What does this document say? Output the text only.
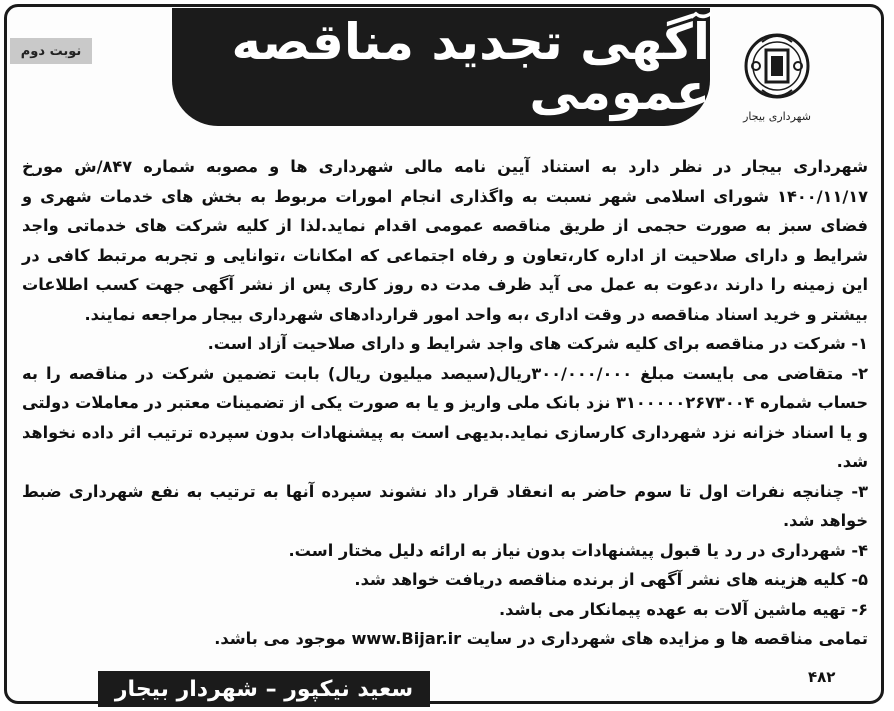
نوبت دوم	آگهی تجدید مناقصه عمومی	شهرداری بیجار

شهرداری بیجار در نظر دارد به استناد آیین نامه مالی شهرداری ها و مصوبه شماره ۸۴۷/ش مورخ ۱۴۰۰/۱۱/۱۷ شورای اسلامی شهر نسبت به واگذاری انجام امورات مربوط به بخش های خدمات شهری و فضای سبز به صورت حجمی از طریق مناقصه عمومی اقدام نماید.لذا از کلیه شرکت های خدماتی واجد شرایط و دارای صلاحیت از اداره کار،تعاون و رفاه اجتماعی که امکانات ،توانایی و تجربه مرتبط کافی در این زمینه را دارند ،دعوت به عمل می آید ظرف مدت ده روز کاری پس از نشر آگهی جهت کسب اطلاعات بیشتر و خرید اسناد مناقصه در وقت اداری ،به واحد امور قراردادهای شهرداری بیجار مراجعه نمایند.

۱- شرکت در مناقصه برای کلیه شرکت های واجد شرایط و دارای صلاحیت آزاد است.

۲- متقاضی می بایست مبلغ ۳۰۰/۰۰۰/۰۰۰ریال(سیصد میلیون ریال) بابت تضمین شرکت در مناقصه را به حساب شماره ۳۱۰۰۰۰۰۲۶۷۳۰۰۴ نزد بانک ملی واریز و یا به صورت یکی از تضمینات معتبر در معاملات دولتی و یا اسناد خزانه نزد شهرداری کارسازی نماید.بدیهی است به پیشنهادات بدون سپرده ترتیب اثر داده نخواهد شد.

۳- چنانچه نفرات اول تا سوم حاضر به انعقاد قرار داد نشوند سپرده آنها به ترتیب به نفع شهرداری ضبط خواهد شد.

۴- شهرداری در رد یا قبول پیشنهادات بدون نیاز به ارائه دلیل مختار است.

۵- کلیه هزینه های نشر آگهی از برنده مناقصه دریافت خواهد شد.

۶- تهیه ماشین آلات به عهده پیمانکار می باشد.

تمامی مناقصه ها و مزایده های شهرداری در سایت www.Bijar.ir موجود می باشد.

سعید نیکپور – شهردار بیجار	۴۸۲
